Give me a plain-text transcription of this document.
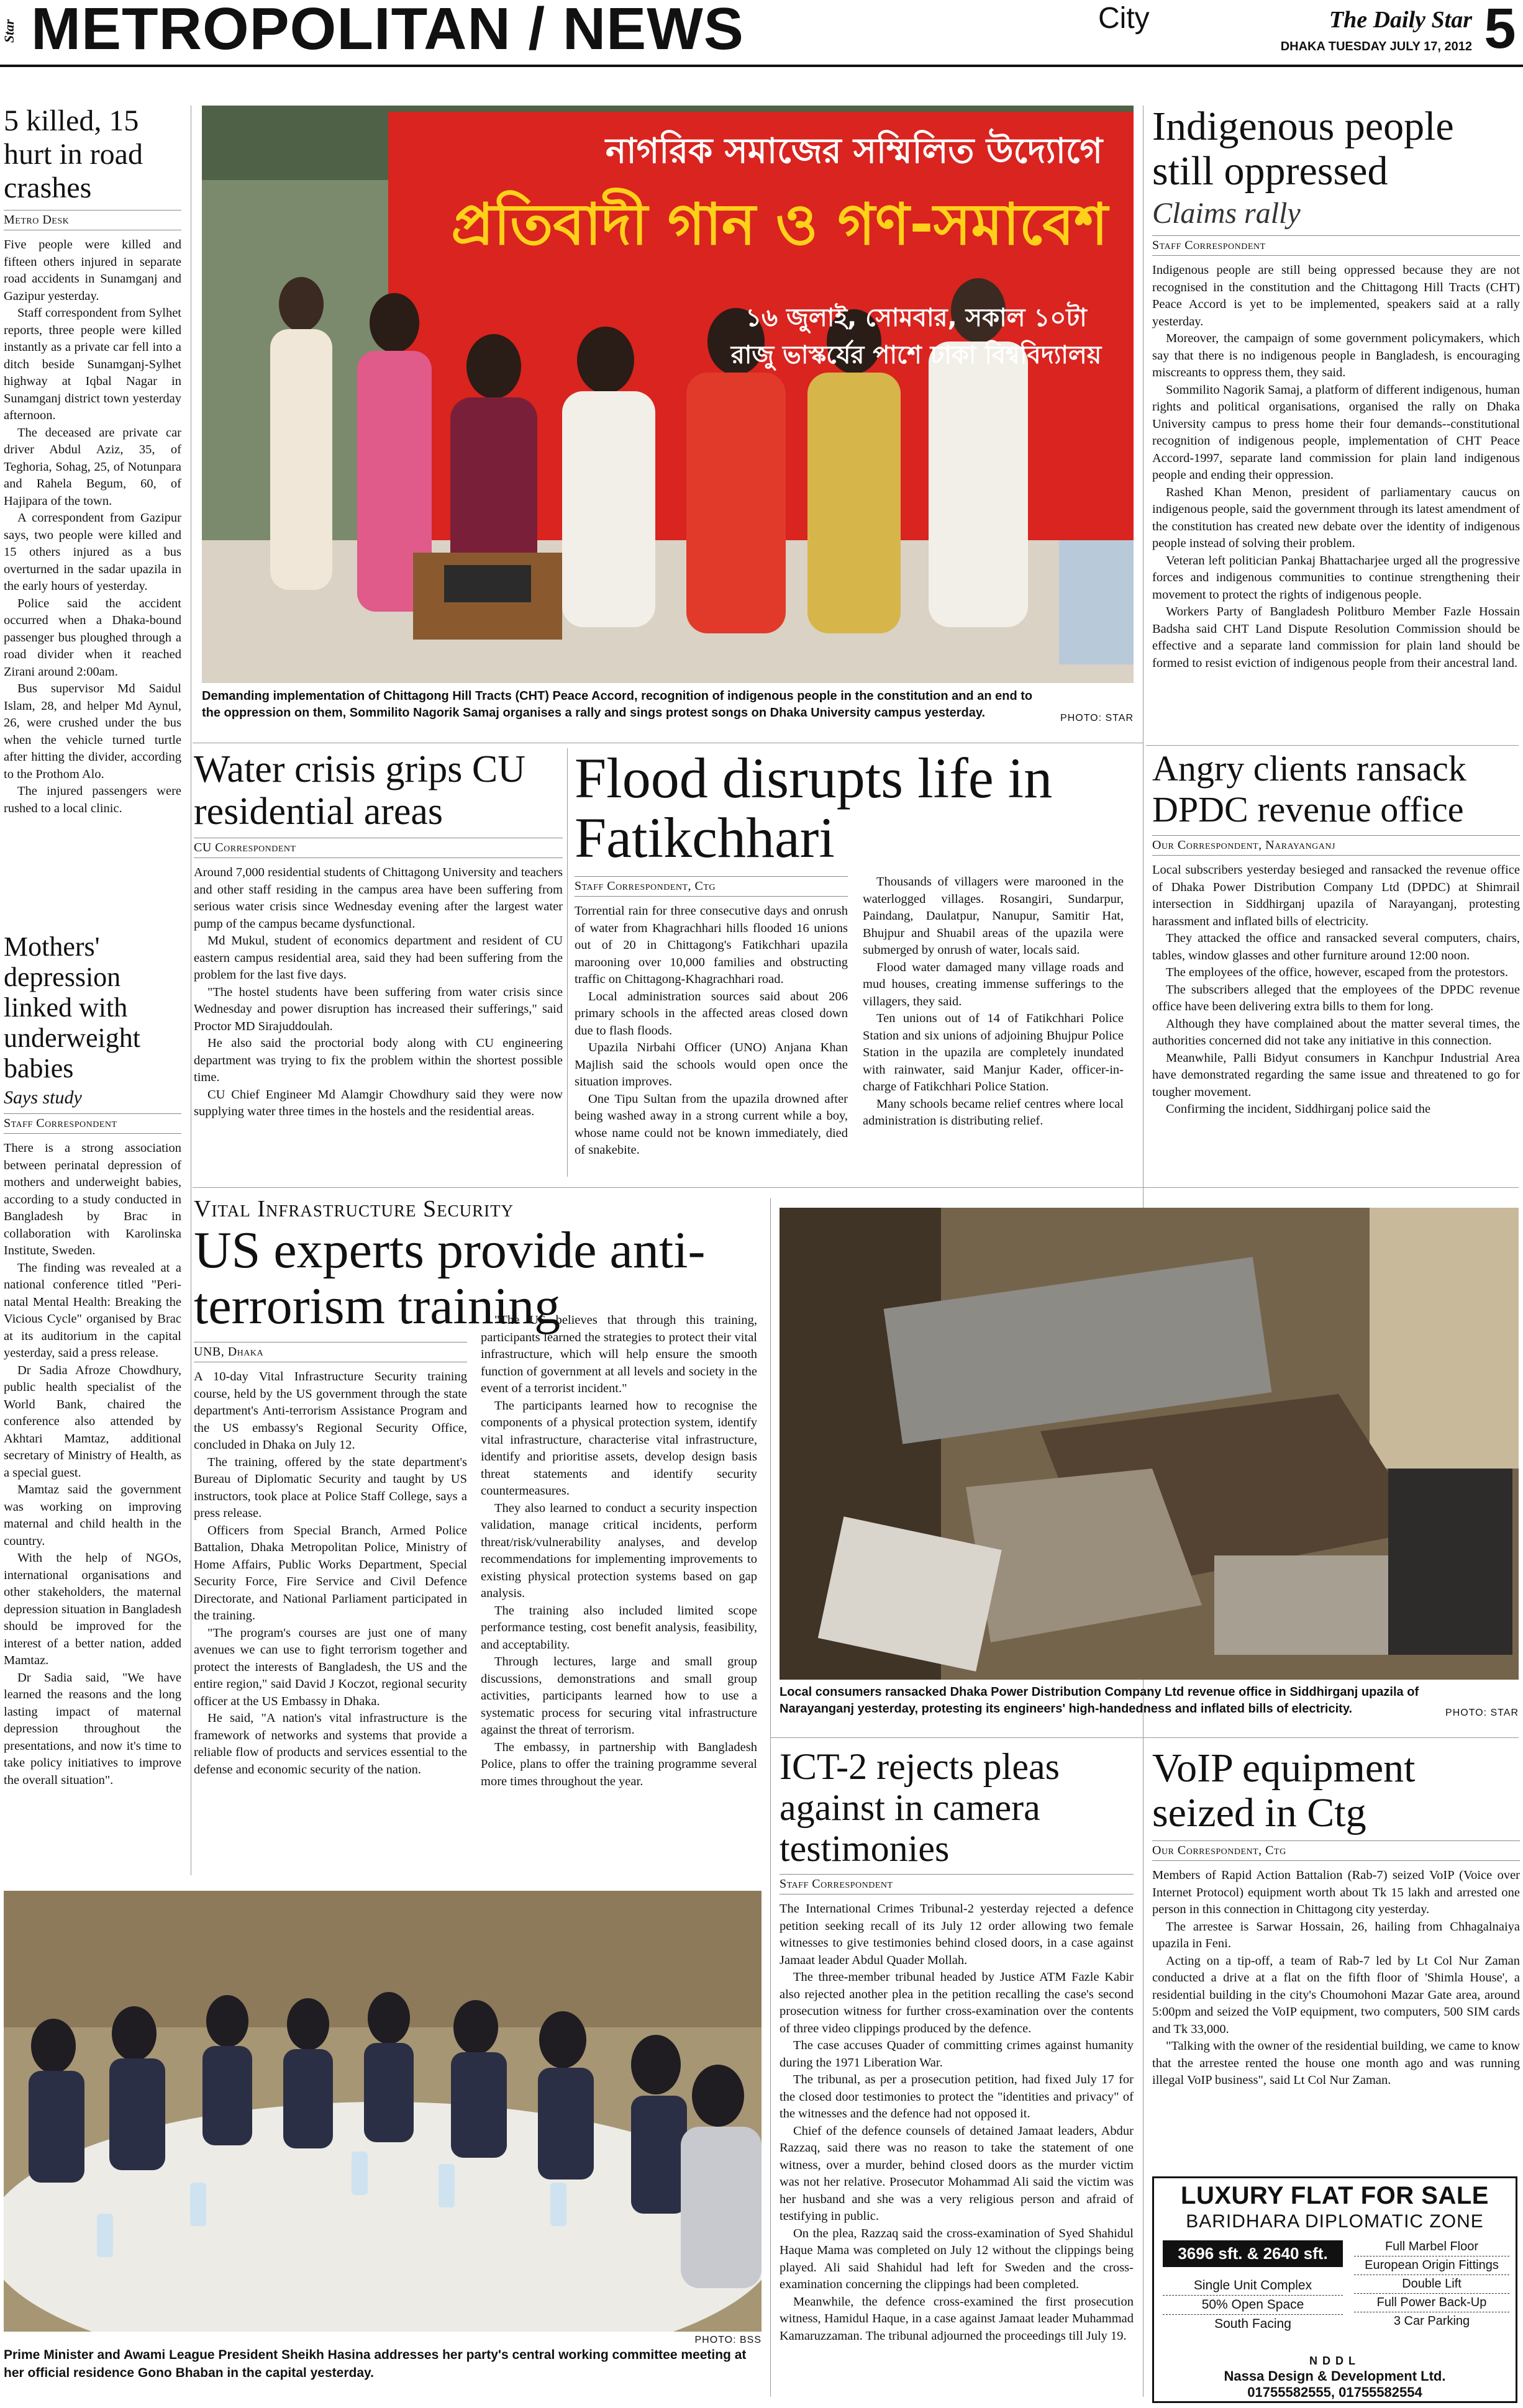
Star METROPOLITAN / NEWS	City	The Daily Star
DHAKA TUESDAY JULY 17, 2012 5
5 killed, 15 hurt in road crashes
Metro Desk

Five people were killed and fifteen others injured in separate road accidents in Sunamganj and Gazipur yesterday.

Staff correspondent from Sylhet reports, three people were killed instantly as a private car fell into a ditch beside Sunamganj-Sylhet highway at Iqbal Nagar in Sunamganj district town yesterday afternoon.

The deceased are private car driver Abdul Aziz, 35, of Teghoria, Sohag, 25, of Notunpara and Rahela Begum, 60, of Hajipara of the town.

A correspondent from Gazipur says, two people were killed and 15 others injured as a bus overturned in the sadar upazila in the early hours of yesterday.

Police said the accident occurred when a Dhaka-bound passenger bus ploughed through a road divider when it reached Zirani around 2:00am.

Bus supervisor Md Saidul Islam, 28, and helper Md Aynul, 26, were crushed under the bus when the vehicle turned turtle after hitting the divider, according to the Prothom Alo.

The injured passengers were rushed to a local clinic.

Mothers' depression linked with underweight babies
Says study
Staff Correspondent

There is a strong association between perinatal depression of mothers and underweight babies, according to a study conducted in Bangladesh by Brac in collaboration with Karolinska Institute, Sweden.

The finding was revealed at a national conference titled "Peri-natal Mental Health: Breaking the Vicious Cycle" organised by Brac at its auditorium in the capital yesterday, said a press release.

Dr Sadia Afroze Chowdhury, public health specialist of the World Bank, chaired the conference also attended by Akhtari Mamtaz, additional secretary of Ministry of Health, as a special guest.

Mamtaz said the government was working on improving maternal and child health in the country.

With the help of NGOs, international organisations and other stakeholders, the maternal depression situation in Bangladesh should be improved for the interest of a better nation, added Mamtaz.

Dr Sadia said, "We have learned the reasons and the long lasting impact of maternal depression throughout the presentations, and now it's time to take policy initiatives to improve the overall situation".

নাগরিক সমাজের সম্মিলিত উদ্যোগে
প্রতিবাদী গান ও গণ-সমাবেশ
১৬ জুলাই, সোমবার, সকাল ১০টা
রাজু ভাস্কর্যের পাশে ঢাকা বিশ্ববিদ্যালয়
Demanding implementation of Chittagong Hill Tracts (CHT) Peace Accord, recognition of indigenous people in the constitution and an end to the oppression on them, Sommilito Nagorik Samaj organises a rally and sings protest songs on Dhaka University campus yesterday.	PHOTO: STAR
Indigenous people still oppressed
Claims rally
Staff Correspondent

Indigenous people are still being oppressed because they are not recognised in the constitution and the Chittagong Hill Tracts (CHT) Peace Accord is yet to be implemented, speakers said at a rally yesterday.

Moreover, the campaign of some government policymakers, which say that there is no indigenous people in Bangladesh, is encouraging miscreants to oppress them, they said.

Sommilito Nagorik Samaj, a platform of different indigenous, human rights and political organisations, organised the rally on Dhaka University campus to press home their four demands--constitutional recognition of indigenous people, implementation of CHT Peace Accord-1997, separate land commission for plain land indigenous people and ending their oppression.

Rashed Khan Menon, president of parliamentary caucus on indigenous people, said the government through its latest amendment of the constitution has created new debate over the identity of indigenous people instead of solving their problem.

Veteran left politician Pankaj Bhattacharjee urged all the progressive forces and indigenous communities to continue strengthening their movement to protect the rights of indigenous people.

Workers Party of Bangladesh Politburo Member Fazle Hossain Badsha said CHT Land Dispute Resolution Commission should be effective and a separate land commission for plain land should be formed to resist eviction of indigenous people from their ancestral land.

Water crisis grips CU residential areas
CU Correspondent

Around 7,000 residential students of Chittagong University and teachers and other staff residing in the campus area have been suffering from serious water crisis since Wednesday evening after the largest water pump of the campus became dysfunctional.

Md Mukul, student of economics department and resident of CU eastern campus residential area, said they had been suffering from the problem for the last five days.

"The hostel students have been suffering from water crisis since Wednesday and power disruption has increased their sufferings," said Proctor MD Sirajuddoulah.

He also said the proctorial body along with CU engineering department was trying to fix the problem within the shortest possible time.

CU Chief Engineer Md Alamgir Chowdhury said they were now supplying water three times in the hostels and the residential areas.

Flood disrupts life in Fatikchhari
Staff Correspondent, Ctg

Torrential rain for three consecutive days and onrush of water from Khagrachhari hills flooded 16 unions out of 20 in Chittagong's Fatikchhari upazila marooning over 10,000 families and obstructing traffic on Chittagong-Khagrachhari road.

Local administration sources said about 206 primary schools in the affected areas closed down due to flash floods.

Upazila Nirbahi Officer (UNO) Anjana Khan Majlish said the schools would open once the situation improves.

One Tipu Sultan from the upazila drowned after being washed away in a strong current while a boy, whose name could not be known immediately, died of snakebite.

Thousands of villagers were marooned in the waterlogged villages. Rosangiri, Sundarpur, Paindang, Daulatpur, Nanupur, Samitir Hat, Bhujpur and Shuabil areas of the upazila were submerged by onrush of water, locals said.

Flood water damaged many village roads and mud houses, creating immense sufferings to the villagers, they said.

Ten unions out of 14 of Fatikchhari Police Station and six unions of adjoining Bhujpur Police Station in the upazila are completely inundated with rainwater, said Manjur Kader, officer-in-charge of Fatikchhari Police Station.

Many schools became relief centres where local administration is distributing relief.

Angry clients ransack DPDC revenue office
Our Correspondent, Narayanganj

Local subscribers yesterday besieged and ransacked the revenue office of Dhaka Power Distribution Company Ltd (DPDC) at Shimrail intersection in Siddhirganj upazila of Narayanganj, protesting harassment and inflated bills of electricity.

They attacked the office and ransacked several computers, chairs, tables, window glasses and other furniture around 12:00 noon.

The employees of the office, however, escaped from the protestors.

The subscribers alleged that the employees of the DPDC revenue office have been delivering extra bills to them for long.

Although they have complained about the matter several times, the authorities concerned did not take any initiative in this connection.

Meanwhile, Palli Bidyut consumers in Kanchpur Industrial Area have demonstrated regarding the same issue and threatened to go for tougher movement.

Confirming the incident, Siddhirganj police said the

Vital Infrastructure Security
US experts provide anti-terrorism training
UNB, Dhaka

A 10-day Vital Infrastructure Security training course, held by the US government through the state department's Anti-terrorism Assistance Program and the US embassy's Regional Security Office, concluded in Dhaka on July 12.

The training, offered by the state department's Bureau of Diplomatic Security and taught by US instructors, took place at Police Staff College, says a press release.

Officers from Special Branch, Armed Police Battalion, Dhaka Metropolitan Police, Ministry of Home Affairs, Public Works Department, Special Security Force, Fire Service and Civil Defence Directorate, and National Parliament participated in the training.

"The program's courses are just one of many avenues we can use to fight terrorism together and protect the interests of Bangladesh, the US and the entire region," said David J Koczot, regional security officer at the US Embassy in Dhaka.

He said, "A nation's vital infrastructure is the framework of networks and systems that provide a reliable flow of products and services essential to the defense and economic security of the nation.

"The US believes that through this training, participants learned the strategies to protect their vital infrastructure, which will help ensure the smooth function of government at all levels and society in the event of a terrorist incident."

The participants learned how to recognise the components of a physical protection system, identify vital infrastructure, characterise vital infrastructure, identify and prioritise assets, develop design basis threat statements and identify security countermeasures.

They also learned to conduct a security inspection validation, manage critical incidents, perform threat/risk/vulnerability analyses, and develop recommendations for implementing improvements to existing physical protection systems based on gap analysis.

The training also included limited scope performance testing, cost benefit analysis, feasibility, and acceptability.

Through lectures, large and small group discussions, demonstrations and small group activities, participants learned how to use a systematic process for securing vital infrastructure against the threat of terrorism.

The embassy, in partnership with Bangladesh Police, plans to offer the training programme several more times throughout the year.

Local consumers ransacked Dhaka Power Distribution Company Ltd revenue office in Siddhirganj upazila of Narayanganj yesterday, protesting its engineers' high-handedness and inflated bills of electricity.	PHOTO: STAR
PHOTO: BSS
Prime Minister and Awami League President Sheikh Hasina addresses her party's central working committee meeting at her official residence Gono Bhaban in the capital yesterday.
ICT-2 rejects pleas against in camera testimonies
Staff Correspondent

The International Crimes Tribunal-2 yesterday rejected a defence petition seeking recall of its July 12 order allowing two female witnesses to give testimonies behind closed doors, in a case against Jamaat leader Abdul Quader Mollah.

The three-member tribunal headed by Justice ATM Fazle Kabir also rejected another plea in the petition recalling the case's second prosecution witness for further cross-examination over the contents of three video clippings produced by the defence.

The case accuses Quader of committing crimes against humanity during the 1971 Liberation War.

The tribunal, as per a prosecution petition, had fixed July 17 for the closed door testimonies to protect the "identities and privacy" of the witnesses and the defence had not opposed it.

Chief of the defence counsels of detained Jamaat leaders, Abdur Razzaq, said there was no reason to take the statement of one witness, over a murder, behind closed doors as the murder victim was not her relative. Prosecutor Mohammad Ali said the victim was her husband and she was a very religious person and afraid of testifying in public.

On the plea, Razzaq said the cross-examination of Syed Shahidul Haque Mama was completed on July 12 without the clippings being played. Ali said Shahidul had left for Sweden and the cross-examination concerning the clippings had been completed.

Meanwhile, the defence cross-examined the first prosecution witness, Hamidul Haque, in a case against Jamaat leader Muhammad Kamaruzzaman. The tribunal adjourned the proceedings till July 19.

VoIP equipment seized in Ctg
Our Correspondent, Ctg

Members of Rapid Action Battalion (Rab-7) seized VoIP (Voice over Internet Protocol) equipment worth about Tk 15 lakh and arrested one person in this connection in Chittagong city yesterday.

The arrestee is Sarwar Hossain, 26, hailing from Chhagalnaiya upazila in Feni.

Acting on a tip-off, a team of Rab-7 led by Lt Col Nur Zaman conducted a drive at a flat on the fifth floor of 'Shimla House', a residential building in the city's Choumohoni Mazar Gate area, around 5:00pm and seized the VoIP equipment, two computers, 500 SIM cards and Tk 33,000.

"Talking with the owner of the residential building, we came to know that the arrestee rented the house one month ago and was running illegal VoIP business", said Lt Col Nur Zaman.

LUXURY FLAT FOR SALE
BARIDHARA DIPLOMATIC ZONE
3696 sft. & 2640 sft.
Single Unit Complex
50% Open Space
South Facing
Full Marbel Floor
European Origin Fittings
Double Lift
Full Power Back-Up
3 Car Parking
NDDL
Nassa Design & Development Ltd.
01755582555, 01755582554
